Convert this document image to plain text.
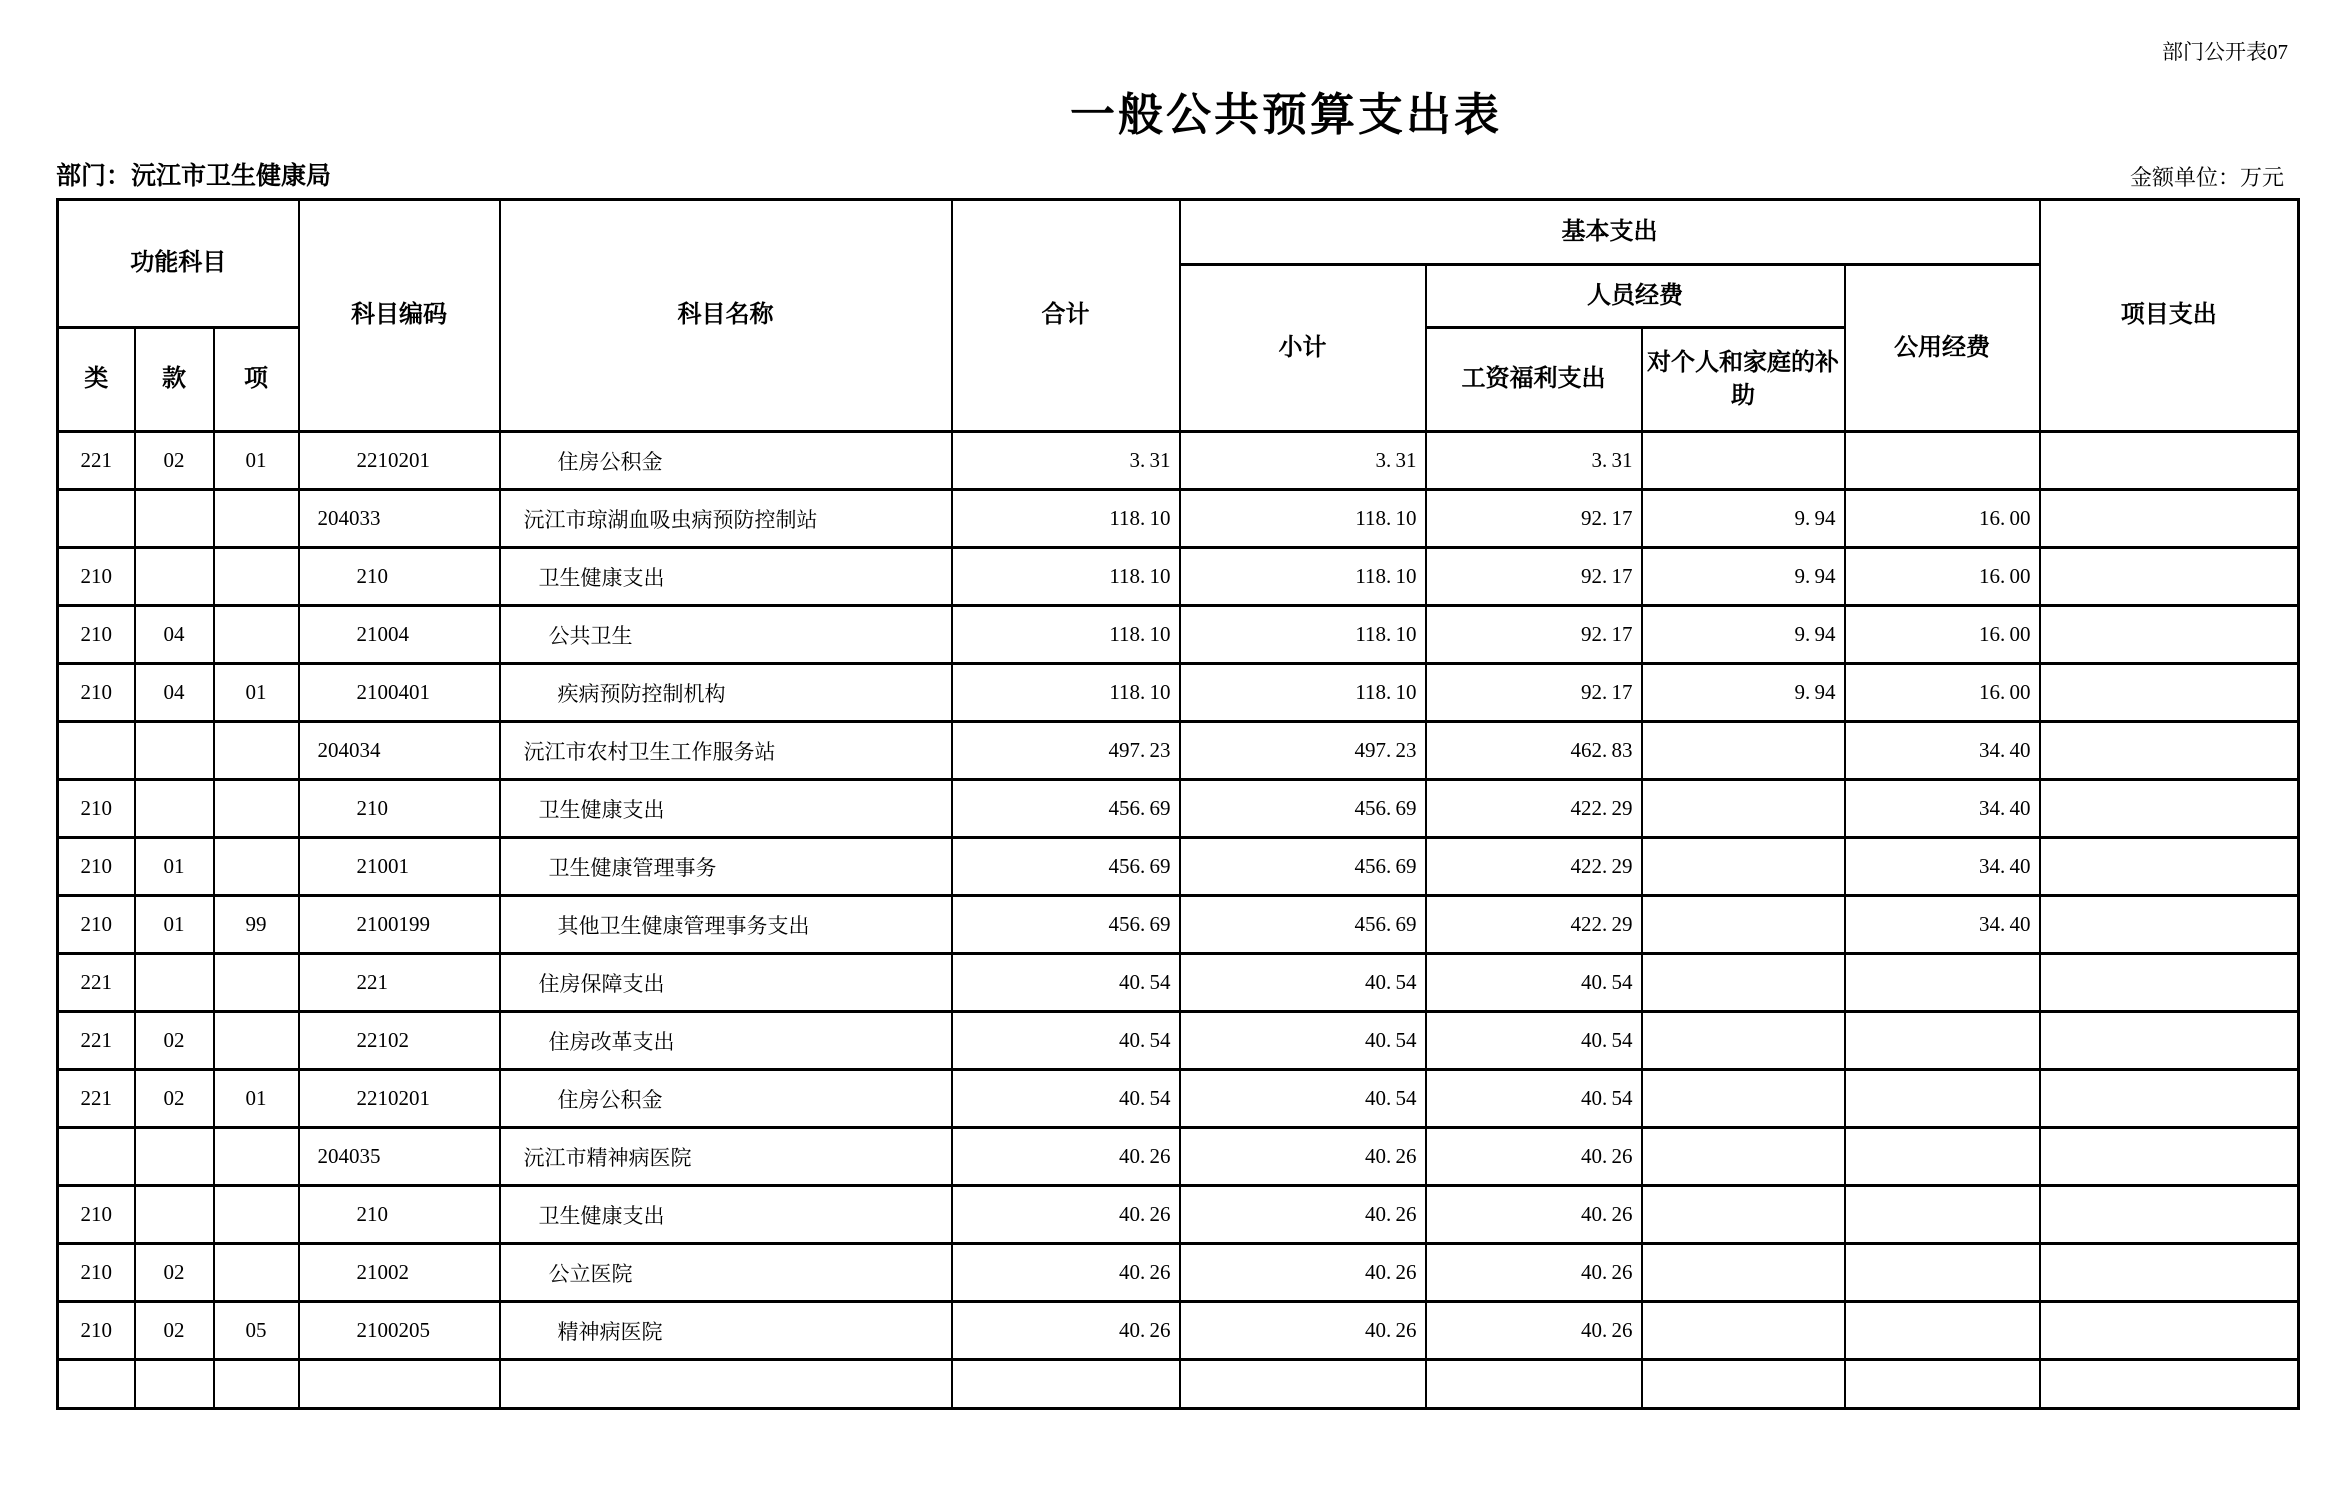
部门公开表07
一般公共预算支出表
部门：沅江市卫生健康局	金额单位：万元
功能科目			科目编码	科目名称	合计	基本支出				项目支出
						小计	人员经费		公用经费	
类	款	项					工资福利支出	对个人和家庭的补助		
221	02	01	2210201	住房公积金	3. 31	3. 31	3. 31			
			204033	沅江市琼湖血吸虫病预防控制站	118. 10	118. 10	92. 17	9. 94	16. 00	
210			210	卫生健康支出	118. 10	118. 10	92. 17	9. 94	16. 00	
210	04		21004	公共卫生	118. 10	118. 10	92. 17	9. 94	16. 00	
210	04	01	2100401	疾病预防控制机构	118. 10	118. 10	92. 17	9. 94	16. 00	
			204034	沅江市农村卫生工作服务站	497. 23	497. 23	462. 83		34. 40	
210			210	卫生健康支出	456. 69	456. 69	422. 29		34. 40	
210	01		21001	卫生健康管理事务	456. 69	456. 69	422. 29		34. 40	
210	01	99	2100199	其他卫生健康管理事务支出	456. 69	456. 69	422. 29		34. 40	
221			221	住房保障支出	40. 54	40. 54	40. 54			
221	02		22102	住房改革支出	40. 54	40. 54	40. 54			
221	02	01	2210201	住房公积金	40. 54	40. 54	40. 54			
			204035	沅江市精神病医院	40. 26	40. 26	40. 26			
210			210	卫生健康支出	40. 26	40. 26	40. 26			
210	02		21002	公立医院	40. 26	40. 26	40. 26			
210	02	05	2100205	精神病医院	40. 26	40. 26	40. 26			
